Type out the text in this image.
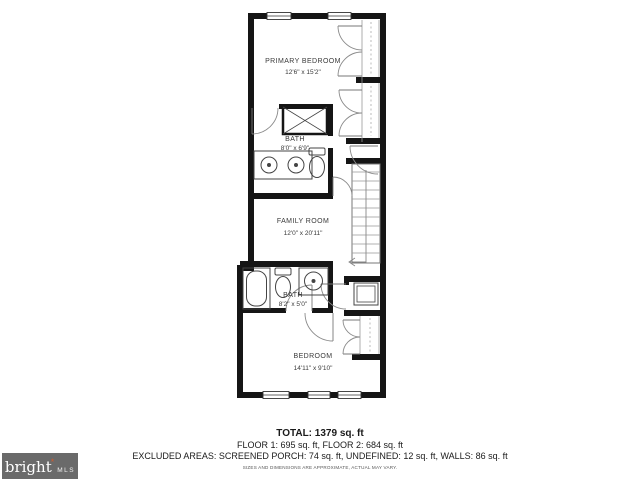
PRIMARY BEDROOM
12'6" x 15'2"
BATH
8'0" x 6'9"
FAMILY ROOM
12'0" x 20'11"
BATH
8'2" x 5'0"
BEDROOM
14'11" x 9'10"
TOTAL: 1379 sq. ft
FLOOR 1: 695 sq. ft, FLOOR 2: 684 sq. ft
EXCLUDED AREAS: SCREENED PORCH: 74 sq. ft, UNDEFINED: 12 sq. ft, WALLS: 86 sq. ft
SIZES AND DIMENSIONS ARE APPROXIMATE, ACTUAL MAY VARY.
bright *
MLS
